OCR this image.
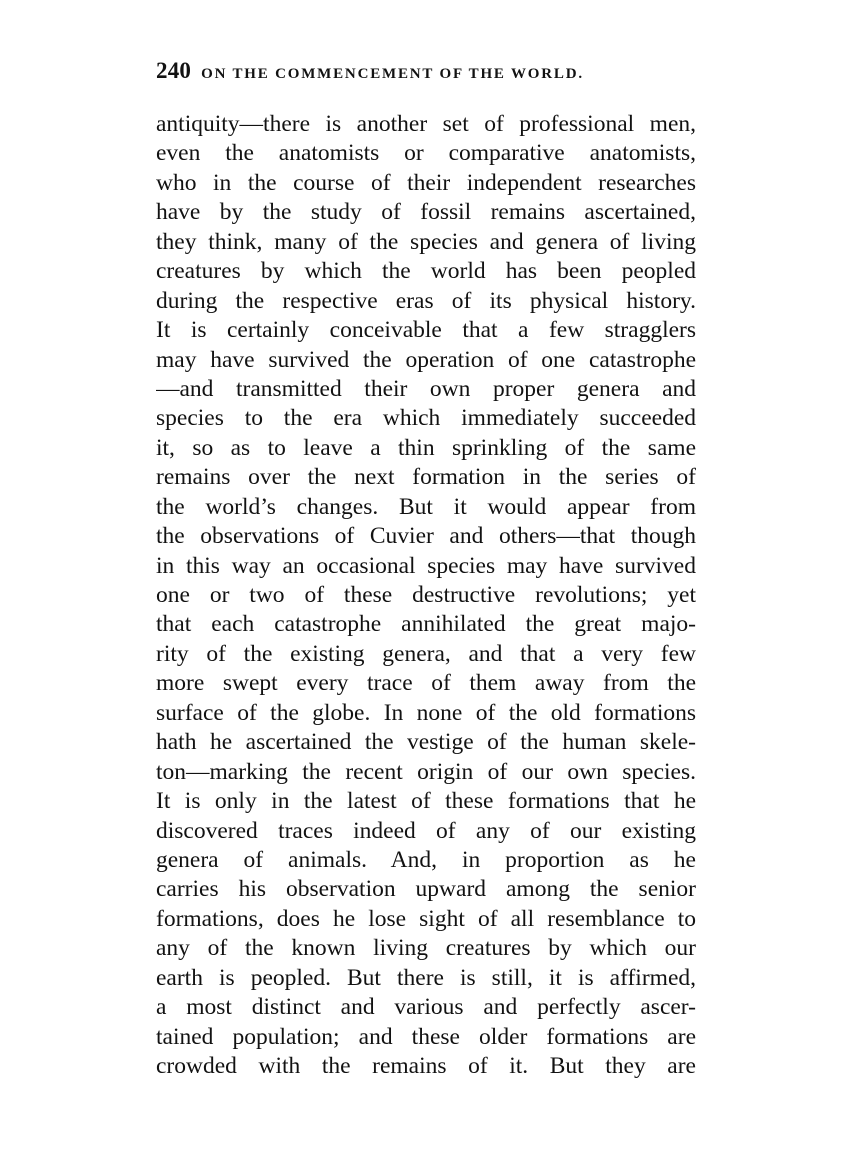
240 ON THE COMMENCEMENT OF THE WORLD.
antiquity—there is another set of professional men,
even the anatomists or comparative anatomists,
who in the course of their independent researches
have by the study of fossil remains ascertained,
they think, many of the species and genera of living
creatures by which the world has been peopled
during the respective eras of its physical history.
It is certainly conceivable that a few stragglers
may have survived the operation of one catastrophe
—and transmitted their own proper genera and
species to the era which immediately succeeded
it, so as to leave a thin sprinkling of the same
remains over the next formation in the series of
the world’s changes. But it would appear from
the observations of Cuvier and others—that though
in this way an occasional species may have survived
one or two of these destructive revolutions; yet
that each catastrophe annihilated the great majo-
rity of the existing genera, and that a very few
more swept every trace of them away from the
surface of the globe. In none of the old formations
hath he ascertained the vestige of the human skele-
ton—marking the recent origin of our own species.
It is only in the latest of these formations that he
discovered traces indeed of any of our existing
genera of animals. And, in proportion as he
carries his observation upward among the senior
formations, does he lose sight of all resemblance to
any of the known living creatures by which our
earth is peopled. But there is still, it is affirmed,
a most distinct and various and perfectly ascer-
tained population; and these older formations are
crowded with the remains of it. But they are
